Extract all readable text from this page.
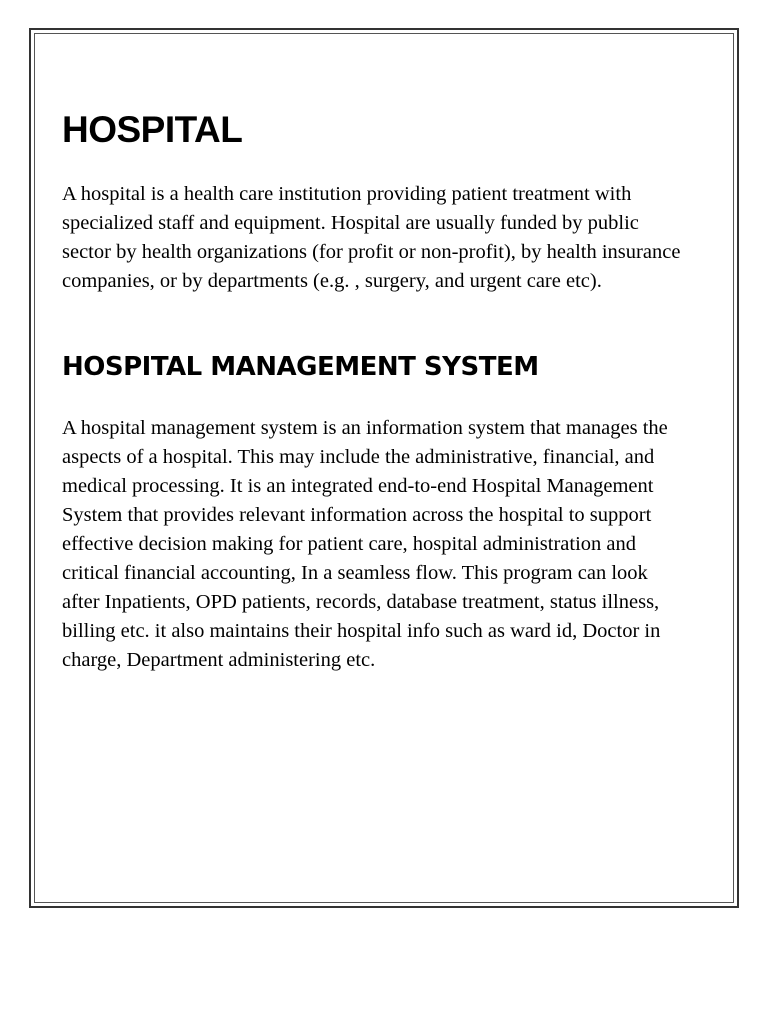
HOSPITAL

A hospital is a health care institution providing patient treatment with specialized staff and equipment. Hospital are usually funded by public sector by health organizations (for profit or non-profit), by health insurance companies, or by departments (e.g. , surgery, and urgent care etc).

HOSPITAL MANAGEMENT SYSTEM

A hospital management system is an information system that manages the aspects of a hospital. This may include the administrative, financial, and medical processing. It is an integrated end-to-end Hospital Management System that provides relevant information across the hospital to support effective decision making for patient care, hospital administration and critical financial accounting, In a seamless flow. This program can look after Inpatients, OPD patients, records, database treatment, status illness, billing etc. it also maintains their hospital info such as ward id, Doctor in charge, Department administering etc.
